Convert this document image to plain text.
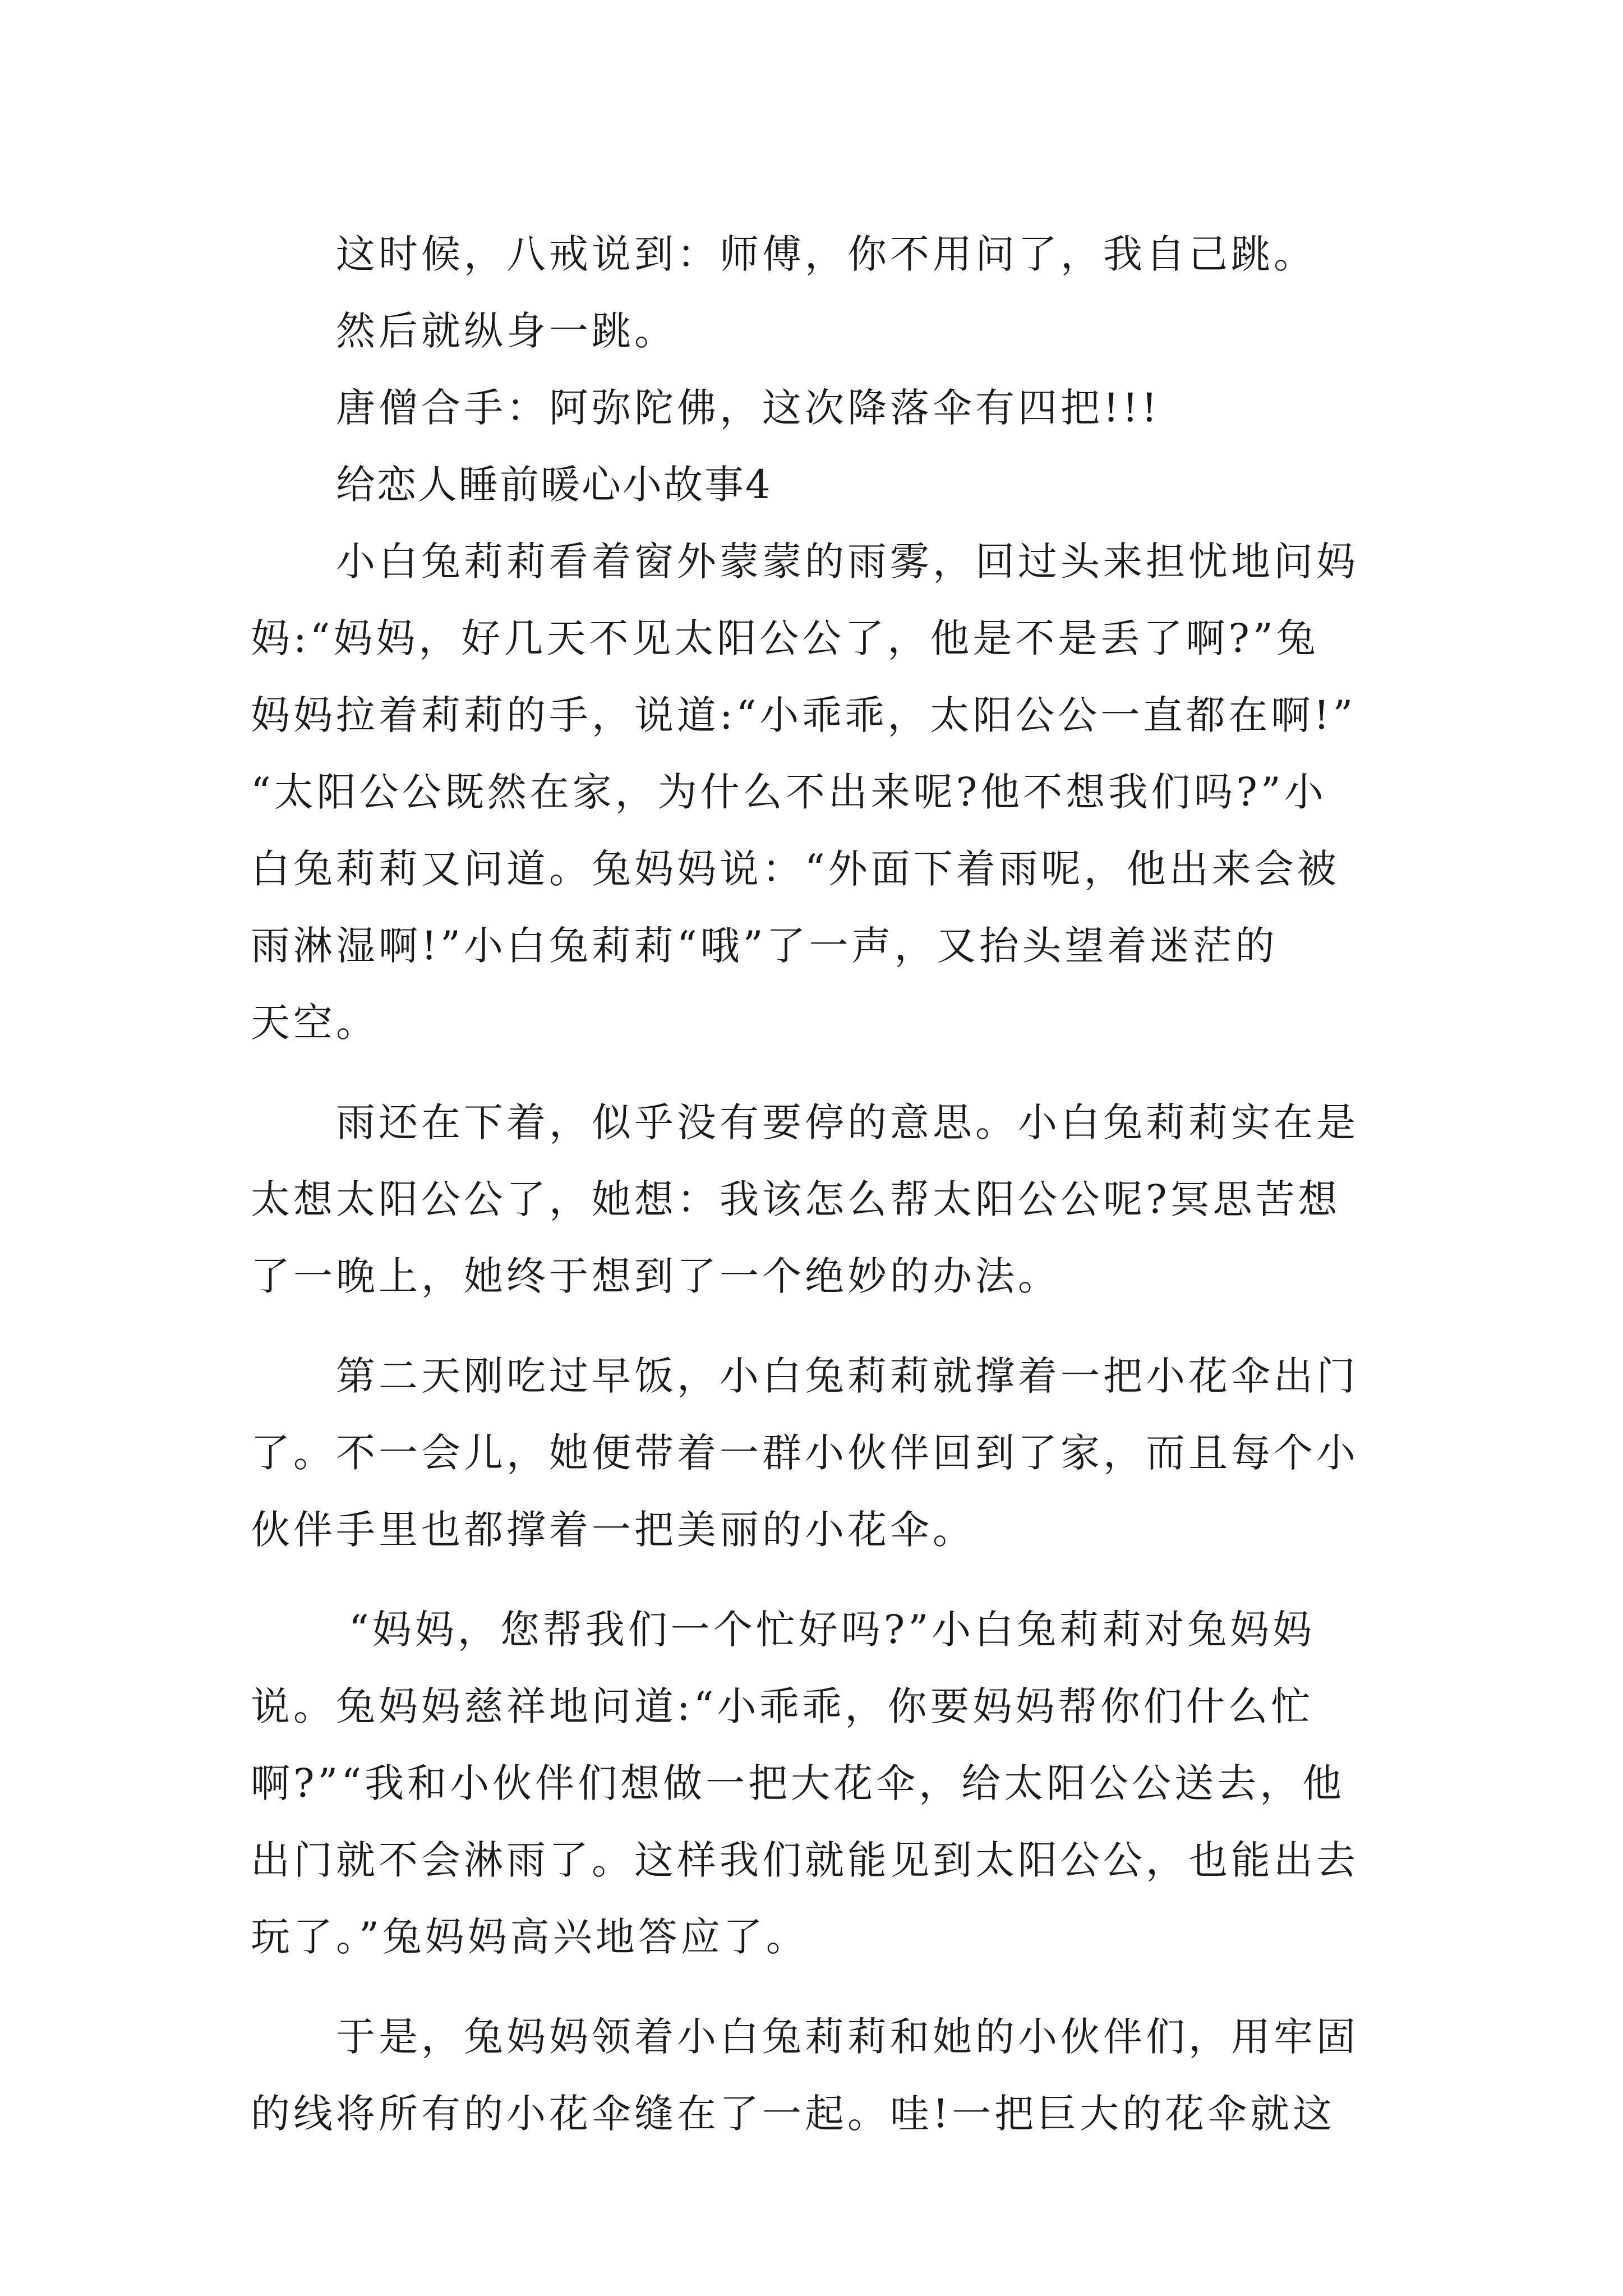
这时候，八戒说到：师傅，你不用问了，我自己跳。
然后就纵身一跳。
唐僧合手：阿弥陀佛，这次降落伞有四把!!!
给恋人睡前暖心小故事4
小白兔莉莉看着窗外蒙蒙的雨雾，回过头来担忧地问妈
妈:“妈妈，好几天不见太阳公公了，他是不是丢了啊?”兔
妈妈拉着莉莉的手，说道:“小乖乖，太阳公公一直都在啊!”
“太阳公公既然在家，为什么不出来呢?他不想我们吗?”小
白兔莉莉又问道。兔妈妈说：“外面下着雨呢，他出来会被
雨淋湿啊!”小白兔莉莉“哦”了一声，又抬头望着迷茫的
天空。
雨还在下着，似乎没有要停的意思。小白兔莉莉实在是
太想太阳公公了，她想：我该怎么帮太阳公公呢?冥思苦想
了一晚上，她终于想到了一个绝妙的办法。
第二天刚吃过早饭，小白兔莉莉就撑着一把小花伞出门
了。不一会儿，她便带着一群小伙伴回到了家，而且每个小
伙伴手里也都撑着一把美丽的小花伞。
“妈妈，您帮我们一个忙好吗?”小白兔莉莉对兔妈妈
说。兔妈妈慈祥地问道:“小乖乖，你要妈妈帮你们什么忙
啊?”“我和小伙伴们想做一把大花伞，给太阳公公送去，他
出门就不会淋雨了。这样我们就能见到太阳公公，也能出去
玩了。”兔妈妈高兴地答应了。
于是，兔妈妈领着小白兔莉莉和她的小伙伴们，用牢固
的线将所有的小花伞缝在了一起。哇!一把巨大的花伞就这
